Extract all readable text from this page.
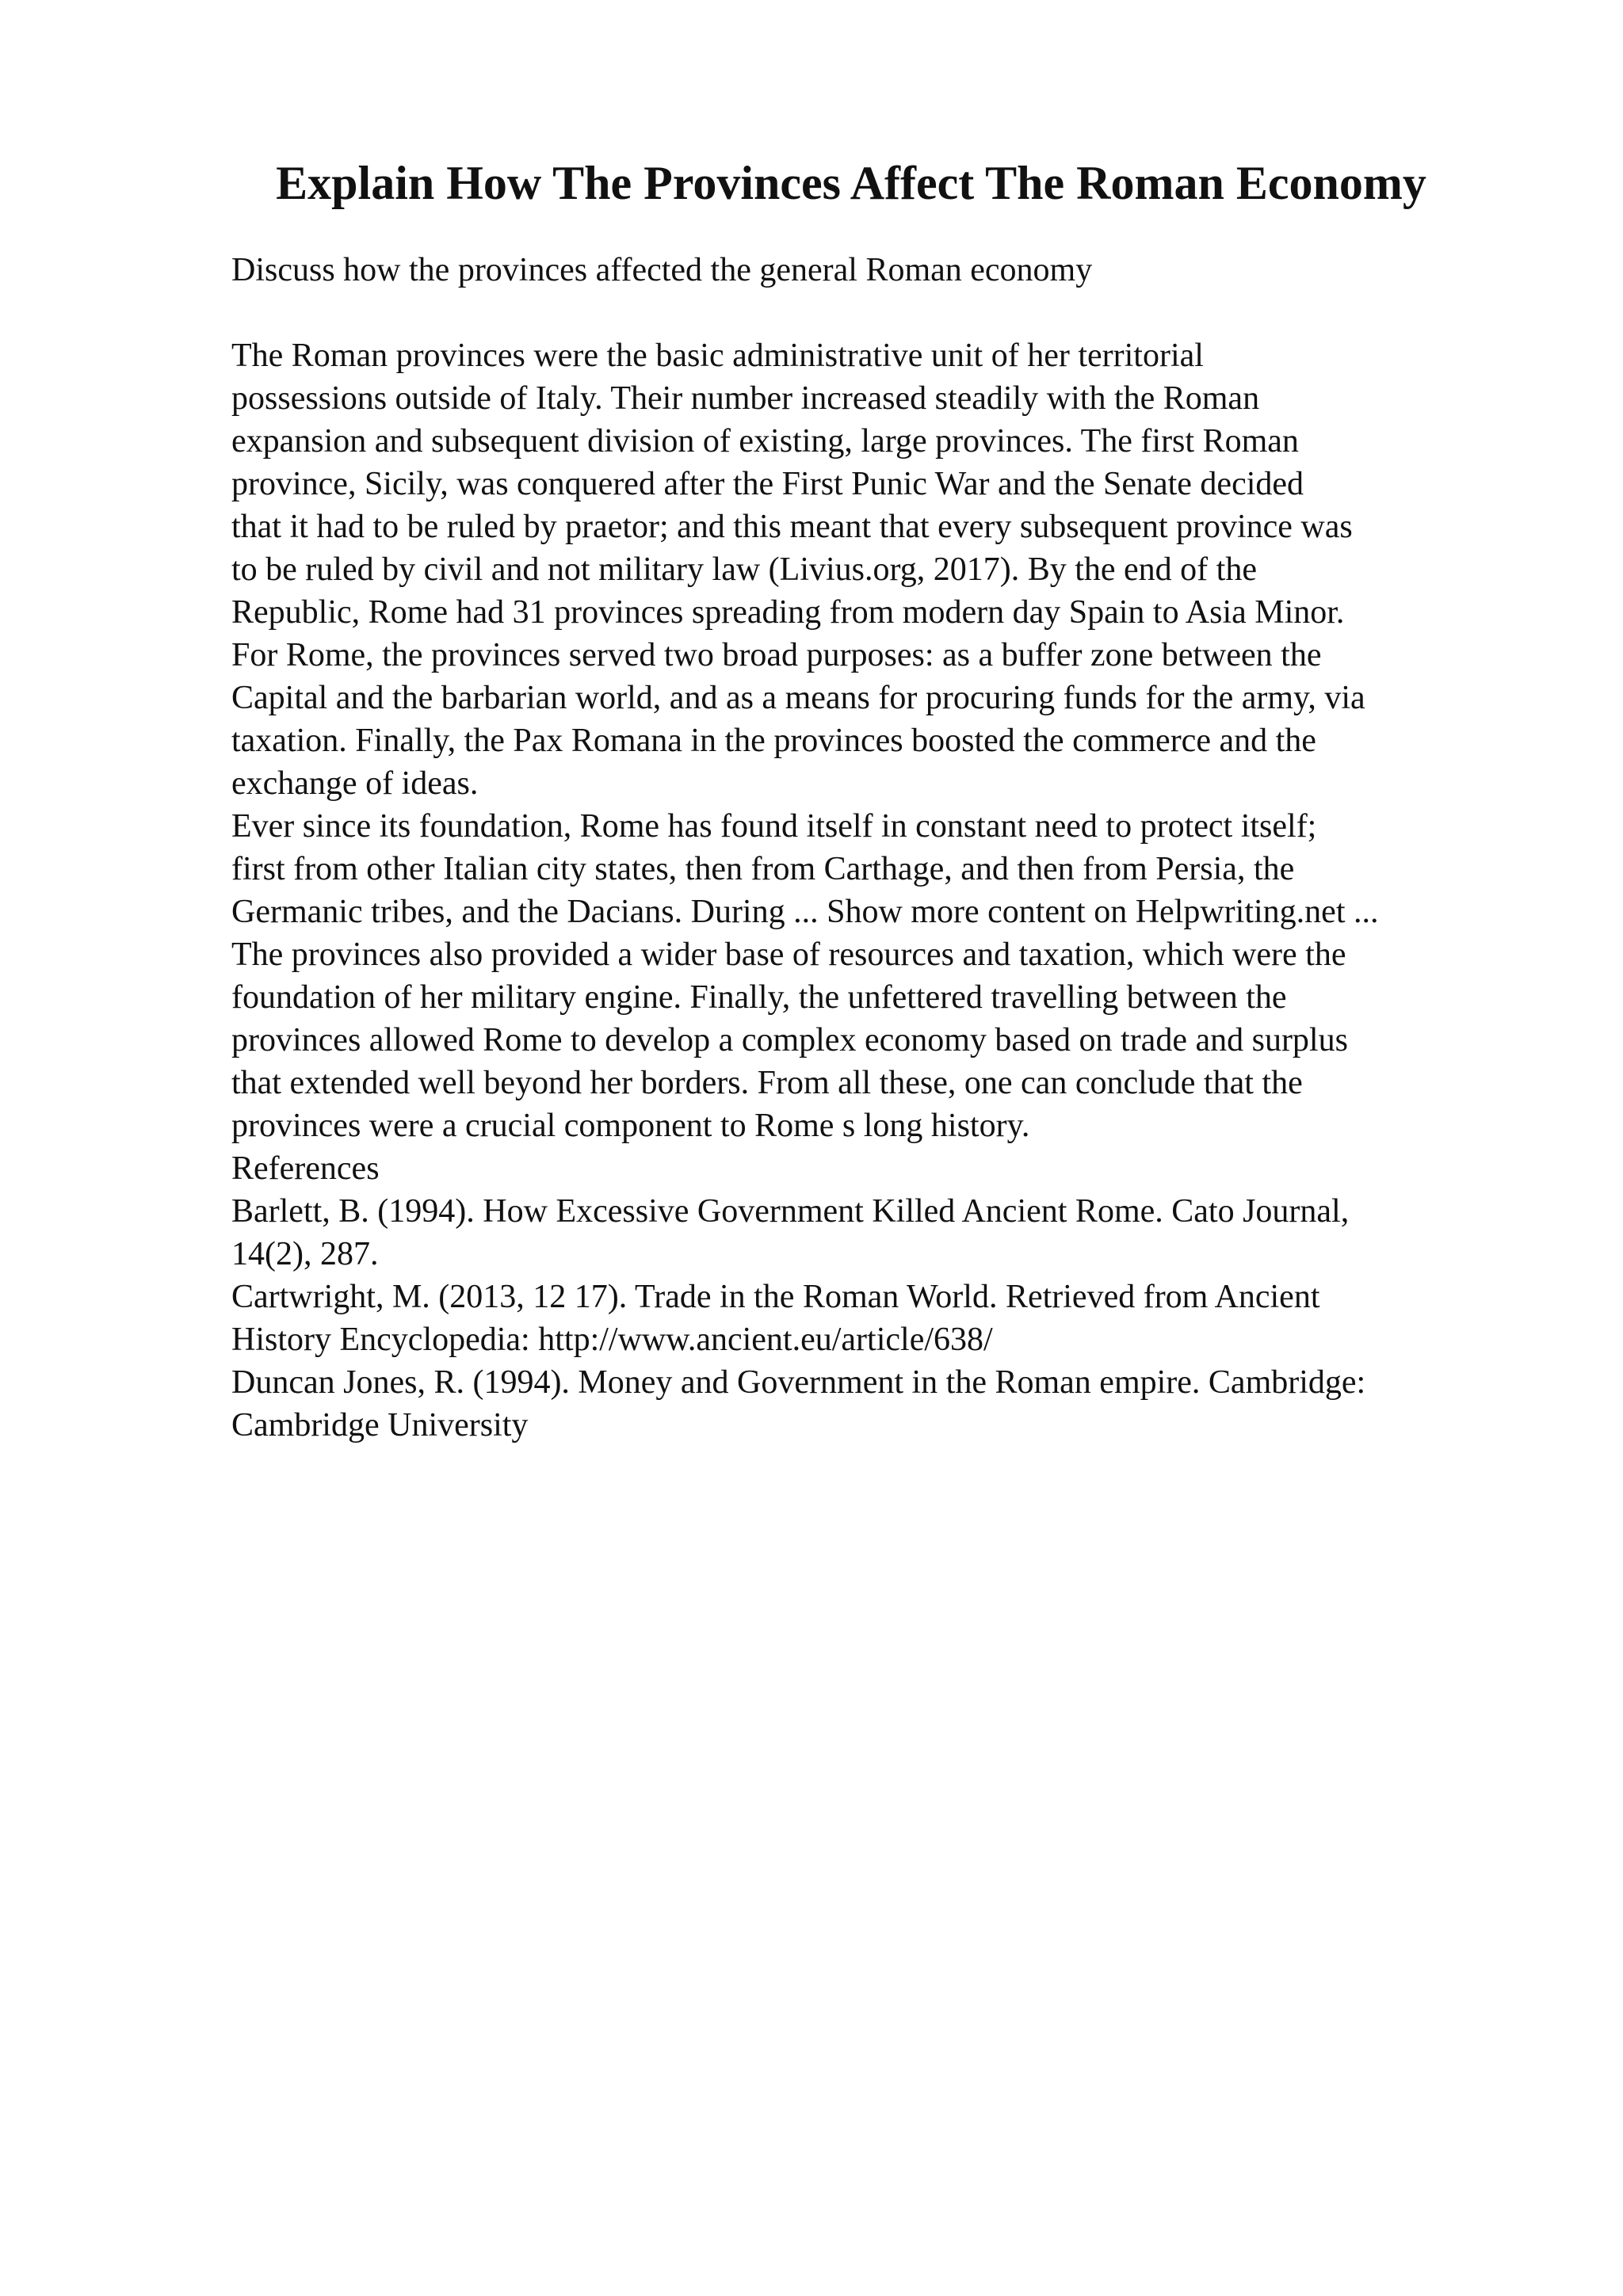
Explain How The Provinces Affect The Roman Economy

Discuss how the provinces affected the general Roman economy

The Roman provinces were the basic administrative unit of her territorial

possessions outside of Italy. Their number increased steadily with the Roman

expansion and subsequent division of existing, large provinces. The first Roman

province, Sicily, was conquered after the First Punic War and the Senate decided

that it had to be ruled by praetor; and this meant that every subsequent province was

to be ruled by civil and not military law (Livius.org, 2017). By the end of the

Republic, Rome had 31 provinces spreading from modern day Spain to Asia Minor.

For Rome, the provinces served two broad purposes: as a buffer zone between the

Capital and the barbarian world, and as a means for procuring funds for the army, via

taxation. Finally, the Pax Romana in the provinces boosted the commerce and the

exchange of ideas.

Ever since its foundation, Rome has found itself in constant need to protect itself;

first from other Italian city states, then from Carthage, and then from Persia, the

Germanic tribes, and the Dacians. During ... Show more content on Helpwriting.net ...

The provinces also provided a wider base of resources and taxation, which were the

foundation of her military engine. Finally, the unfettered travelling between the

provinces allowed Rome to develop a complex economy based on trade and surplus

that extended well beyond her borders. From all these, one can conclude that the

provinces were a crucial component to Rome s long history.

References

Barlett, B. (1994). How Excessive Government Killed Ancient Rome. Cato Journal,

14(2), 287.

Cartwright, M. (2013, 12 17). Trade in the Roman World. Retrieved from Ancient

History Encyclopedia: http://www.ancient.eu/article/638/

Duncan Jones, R. (1994). Money and Government in the Roman empire. Cambridge:

Cambridge University
